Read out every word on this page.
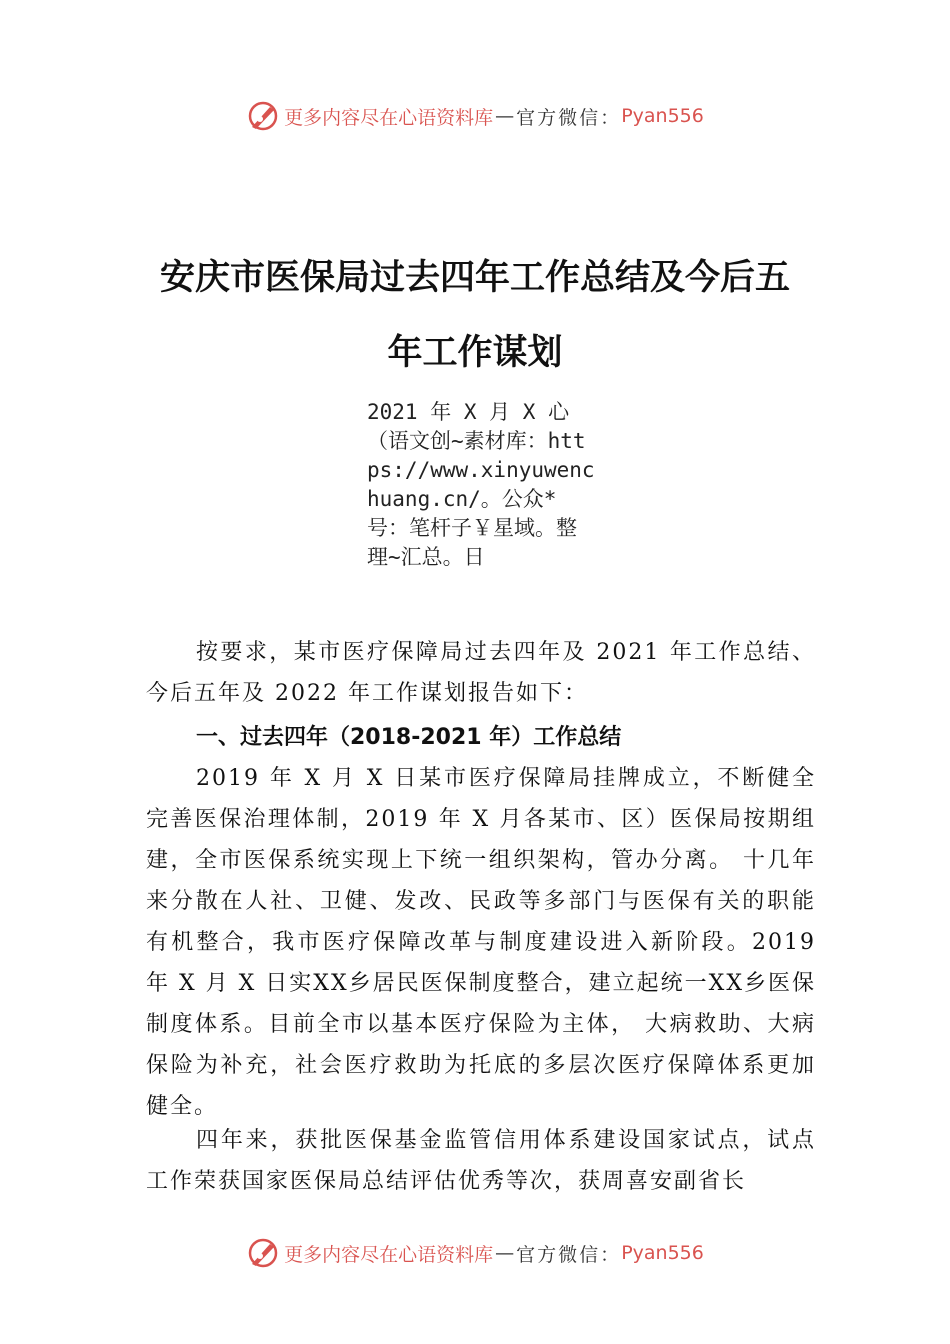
更多内容尽在心语资料库 — 官方微信： Pyan556
安庆市医保局过去四年工作总结及今后五
年工作谋划
2021 年 X 月 X 心（语文创~素材库：https://www.xinyuwenchuang.cn/。公众*号：笔杆子￥星域。整理~汇总。日
按要求，某市医疗保障局过去四年及 2021 年工作总结、今后五年及 2022 年工作谋划报告如下：
一、过去四年（2018-2021 年）工作总结
2019 年 X 月 X 日某市医疗保障局挂牌成立，不断健全完善医保治理体制，2019 年 X 月各某市、区）医保局按期组建，全市医保系统实现上下统一组织架构，管办分离。 十几年来分散在人社、卫健、发改、民政等多部门与医保有关的职能有机整合，我市医疗保障改革与制度建设进入新阶段。2019 年 X 月 X 日实XX乡居民医保制度整合，建立起统一XX乡医保制度体系。目前全市以基本医疗保险为主体， 大病救助、大病保险为补充，社会医疗救助为托底的多层次医疗保障体系更加健全。
四年来，获批医保基金监管信用体系建设国家试点，试点工作荣获国家医保局总结评估优秀等次，获周喜安副省长
更多内容尽在心语资料库 — 官方微信： Pyan556
